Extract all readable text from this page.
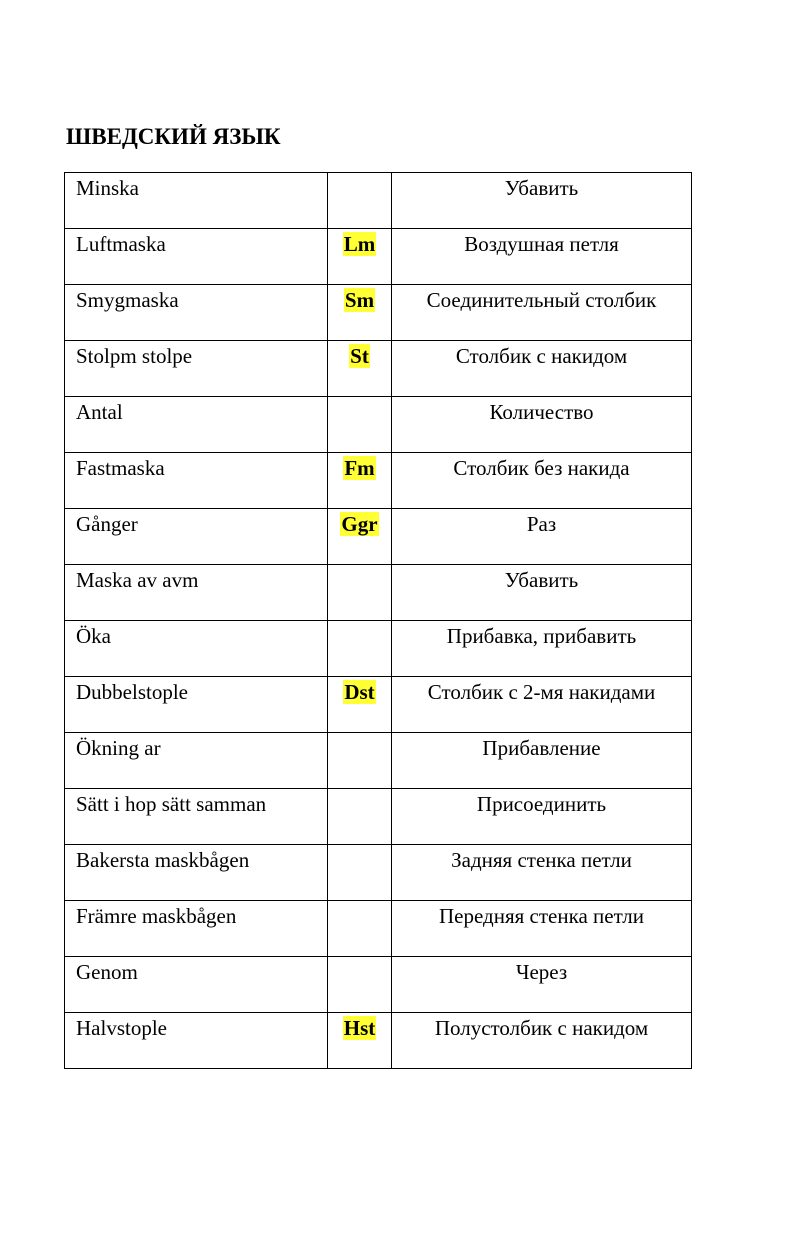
ШВЕДСКИЙ ЯЗЫК
Minska		Убавить
Luftmaska	Lm	Воздушная петля
Smygmaska	Sm	Соединительный столбик
Stolpm stolpe	St	Столбик с накидом
Antal		Количество
Fastmaska	Fm	Столбик без накида
Gånger	Ggr	Раз
Maska av avm		Убавить
Öka		Прибавка, прибавить
Dubbelstople	Dst	Столбик с 2-мя накидами
Ökning ar		Прибавление
Sätt i hop sätt samman		Присоединить
Bakersta maskbågen		Задняя стенка петли
Främre maskbågen		Передняя стенка петли
Genom		Через
Halvstople	Hst	Полустолбик с накидом
